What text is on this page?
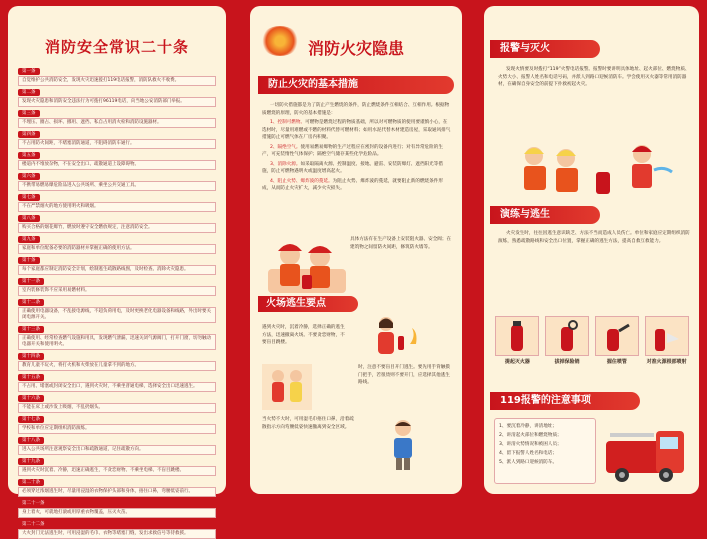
消防安全常识二十条
第一条
自觉维护公共消防安全，发现火灾迅速拨打119电话报警，消防队救火不收费。
第二条
发现火灾隐患和消防安全违法行为可拨打96119电话，向当地公安消防部门举报。
第三条
不埋压、圈占、损坏、挪用、遮挡、私自占用消火栓和消防设施器材。
第四条
不占用防火间距，不堵塞消防通道，不阻碍消防车通行。
第五条
楼道内不堆放杂物，不在安全出口、疏散通道上设障碍物。
第六条
不携带易燃易爆危险品进入公共场所、乘坐公共交通工具。
第七条
不在严禁烟火的地方使用明火和吸烟。
第八条
购买合格的烟花爆竹，燃放时遵守安全燃放规定，注意消防安全。
第九条
家庭和单位配备必要的消防器材并掌握正确的使用方法。
第十条
每个家庭都应制定消防安全计划，绘制逃生疏散路线图，及时检查、消除火灾隐患。
第十一条
室内装修装饰不应采用易燃材料。
第十二条
正确使用电器设备，不乱接电源线，不超负荷用电，及时更换老化电器设备和线路，外出时要关闭电源开关。
第十三条
正确使用、经常检查燃气设施和用具，发现燃气泄漏，迅速关闭气源阀门，打开门窗，切勿触动电器开关和使用明火。
第十四条
教育儿童不玩火，将打火机和火柴放在儿童拿不到的地方。
第十五条
不占用、堵塞或封闭安全出口，遇到火灾时，不乘坐普通电梯，选择安全出口迅速逃生。
第十六条
不能在床上或沙发上吸烟，不乱扔烟头。
第十七条
学校和单位应定期组织消防演练。
第十八条
进入公共场所注意观察安全出口和疏散通道，记住疏散方向。
第十九条
遇到火灾时沉着、冷静，迅速正确逃生，不贪恋财物、不乘坐电梯、不盲目跳楼。
第二十条
必须穿过浓烟逃生时，尽量用浸湿的衣物保护头部和身体，捂住口鼻，弯腰低姿前行。
第二十一条
身上着火，可就地打滚或用厚重衣物覆盖，压灭火苗。
第二十二条
大火封门无法逃生时，可用浸湿的毛巾、衣物等堵塞门缝，发出求救信号等待救援。
消防火灾隐患
防止火灾的基本措施

一切防火措施都是为了防止产生燃烧的条件，防止燃烧条件互相结合、互相作用。根据物质燃烧的原理，防火的基本措施是：

1、控制可燃物。可燃物是燃烧过程的物质基础，所以对可燃物质的使用要谨慎小心，在选材时，尽量用难燃或不燃的材料代替可燃材料；如用水泥代替木材建造房屋，采取通风排气措施防止可燃气体在厂房内积聚。

2、隔绝空气。使用易燃易爆物的生产过程应在密封的设备内进行；对有异常危险的生产，可充装惰性气体保护；隔绝空气储存某些化学危险品。

3、消除火源。如采取隔离火源、控制温度、接地、避雷、安装防爆灯、遮挡阳光等措施，防止可燃物遇明火或温度增高起火。

4、阻止火势、爆炸波的蔓延。为阻止火势、爆炸波的蔓延，就要阻止新的燃烧条件形成，从而防止火灾扩大，减少火灾损失。

具体方法有在生产设备上安装阻火器、安全阀；在建筑物之间留防火间距，修筑防火墙等。
火场逃生要点
遇到火灾时，沉着冷静，选择正确的逃生方法，迅速撤离火场。不要贪恋财物，不要盲目跳楼。
时，注意不要盲目开门逃生。要先用手背触摸门把手，若很烫则不要开门，应选择其他逃生路线。
当火势不大时，可用湿毛巾捂住口鼻，沿着疏散指示方向弯腰低姿快速撤离到安全区域。
报警与灭火

发现火情要及时拨打“119”火警电话报警。报警时要讲明具体地址、起火部位、燃烧物质、火势大小、报警人姓名和电话号码，并派人到路口迎候消防车。学会使用灭火器等常用消防器材，在确保自身安全的前提下扑救初起火灾。

演练与逃生

火灾发生时，往往因逃生意识缺乏、方法不当而造成人员伤亡。单位和家庭应定期组织消防演练，熟悉疏散路线和安全出口位置，掌握正确的逃生方法，提高自救互救能力。

提起灭火器	拔掉保险销	握住喷管	对准火源根部喷射
119报警的注意事项
1、要沉着冷静，讲清地址；
2、讲清起火部位和燃烧物质；
3、讲清火势情况和被困人员；
4、留下报警人姓名和电话；
5、派人到路口迎候消防车。
